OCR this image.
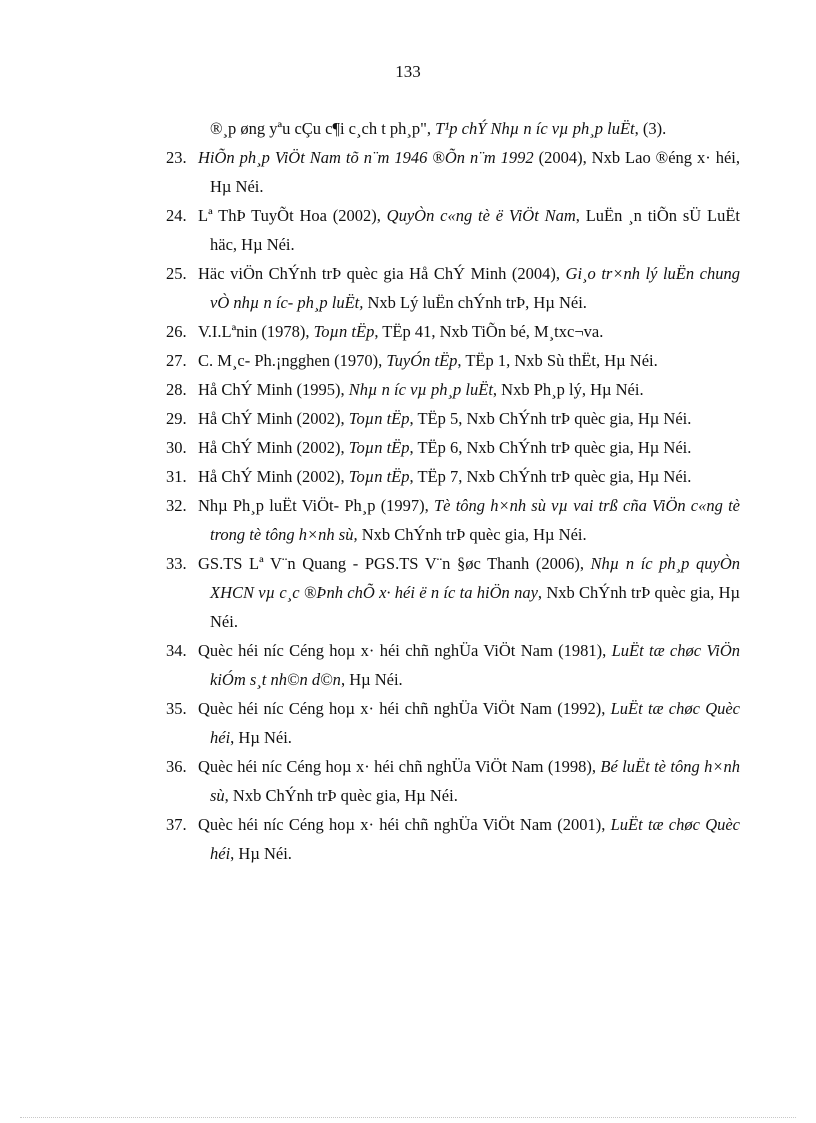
133

®¸p øng yªu cÇu c¶i c¸ch t ph¸p", T¹p chÝ Nhµ n íc vµ ph¸p luËt, (3).

23. HiÕn ph¸p ViÖt Nam tõ n¨m 1946 ®Õn n¨m 1992 (2004), Nxb Lao ®éng x· héi, Hµ Néi.

24. Lª ThÞ TuyÕt Hoa (2002), QuyÒn c«ng tè ë ViÖt Nam, LuËn ¸n tiÕn sÜ LuËt häc, Hµ Néi.

25. Häc viÖn ChÝnh trÞ quèc gia Hå ChÝ Minh (2004), Gi¸o tr×nh lý luËn chung vÒ nhµ n íc- ph¸p luËt, Nxb Lý luËn chÝnh trÞ, Hµ Néi.

26. V.I.Lªnin (1978), Toµn tËp, TËp 41, Nxb TiÕn bé, M¸txc¬va.

27. C. M¸c- Ph.¡ngghen (1970), TuyÓn tËp, TËp 1, Nxb Sù thËt, Hµ Néi.

28. Hå ChÝ Minh (1995), Nhµ n íc vµ ph¸p luËt, Nxb Ph¸p lý, Hµ Néi.

29. Hå ChÝ Minh (2002), Toµn tËp, TËp 5, Nxb ChÝnh trÞ quèc gia, Hµ Néi.

30. Hå ChÝ Minh (2002), Toµn tËp, TËp 6, Nxb ChÝnh trÞ quèc gia, Hµ Néi.

31. Hå ChÝ Minh (2002), Toµn tËp, TËp 7, Nxb ChÝnh trÞ quèc gia, Hµ Néi.

32. Nhµ Ph¸p luËt ViÖt- Ph¸p (1997), Tè tông h×nh sù vµ vai trß cña ViÖn c«ng tè trong tè tông h×nh sù, Nxb ChÝnh trÞ quèc gia, Hµ Néi.

33. GS.TS Lª V¨n Quang - PGS.TS V¨n §øc Thanh (2006), Nhµ n íc ph¸p quyÒn XHCN vµ c¸c ®Þnh chÕ x· héi ë n íc ta hiÖn nay, Nxb ChÝnh trÞ quèc gia, Hµ Néi.

34. Quèc héi níc Céng hoµ x· héi chñ nghÜa ViÖt Nam (1981), LuËt tæ chøc ViÖn kiÓm s¸t nh©n d©n, Hµ Néi.

35. Quèc héi níc Céng hoµ x· héi chñ nghÜa ViÖt Nam (1992), LuËt tæ chøc Quèc héi, Hµ Néi.

36. Quèc héi níc Céng hoµ x· héi chñ nghÜa ViÖt Nam (1998), Bé luËt tè tông h×nh sù, Nxb ChÝnh trÞ quèc gia, Hµ Néi.

37. Quèc héi níc Céng hoµ x· héi chñ nghÜa ViÖt Nam (2001), LuËt tæ chøc Quèc héi, Hµ Néi.
